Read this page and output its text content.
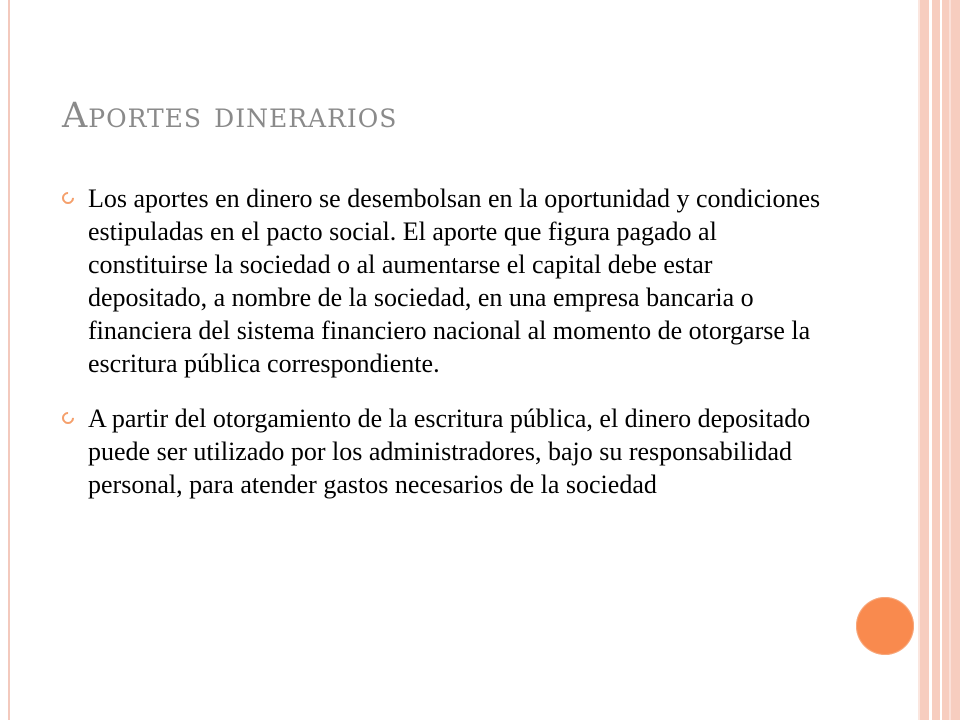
Aportes dinerarios
Los aportes en dinero se desembolsan en la oportunidad y condiciones estipuladas en el pacto social. El aporte que figura pagado al constituirse la sociedad o al aumentarse el capital debe estar depositado, a nombre de la sociedad, en una empresa bancaria o financiera del sistema financiero nacional al momento de otorgarse la escritura pública correspondiente.
A partir del otorgamiento de la escritura pública, el dinero depositado puede ser utilizado por los administradores, bajo su responsabilidad personal, para atender gastos necesarios de la sociedad
